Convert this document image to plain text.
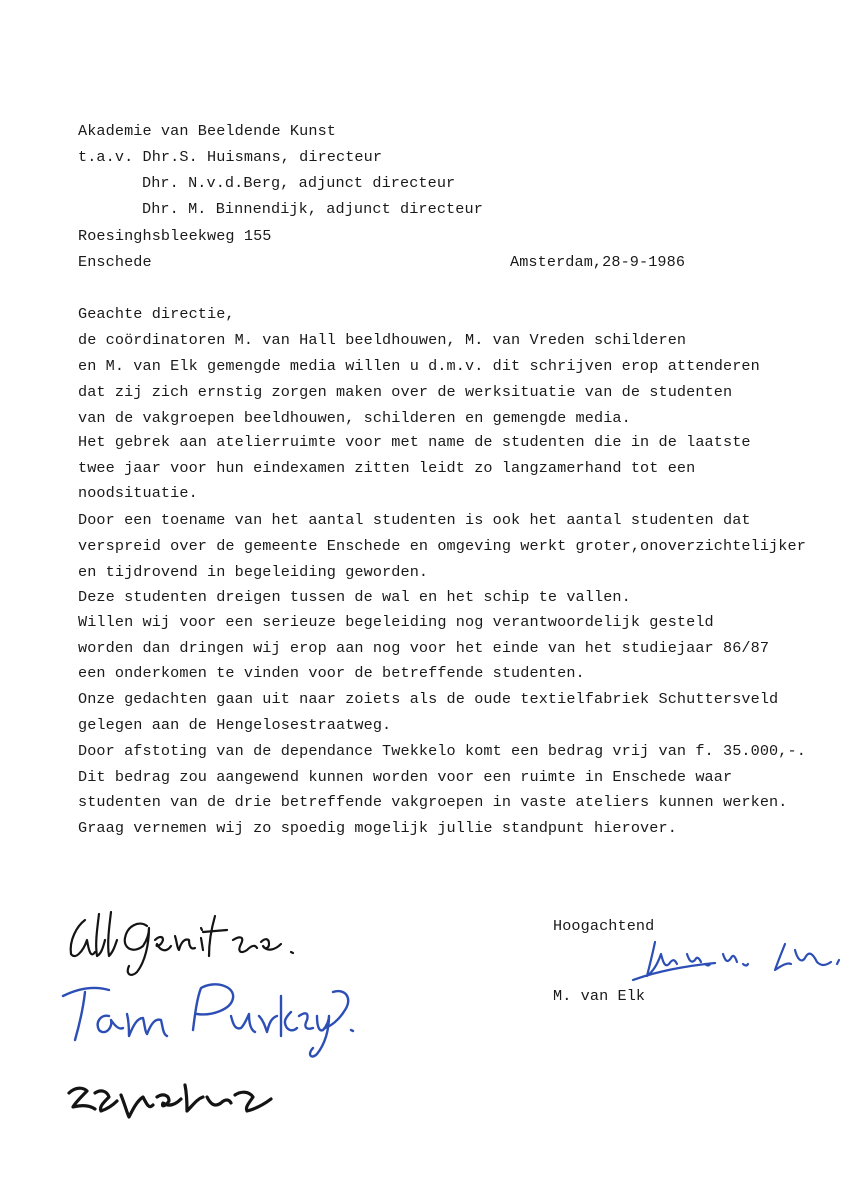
Akademie van Beeldende Kunst
t.a.v. Dhr.S. Huismans, directeur
Dhr. N.v.d.Berg, adjunct directeur
Dhr. M. Binnendijk, adjunct directeur
Roesinghsbleekweg 155
Enschede	Amsterdam,28-9-1986
Geachte directie,
de coördinatoren M. van Hall beeldhouwen, M. van Vreden schilderen
en M. van Elk gemengde media willen u d.m.v. dit schrijven erop attenderen
dat zij zich ernstig zorgen maken over de werksituatie van de studenten
van de vakgroepen beeldhouwen, schilderen en gemengde media.
Het gebrek aan atelierruimte voor met name de studenten die in de laatste
twee jaar voor hun eindexamen zitten leidt zo langzamerhand tot een
noodsituatie.
Door een toename van het aantal studenten is ook het aantal studenten dat
verspreid over de gemeente Enschede en omgeving werkt groter,onoverzichtelijker
en tijdrovend in begeleiding geworden.
Deze studenten dreigen tussen de wal en het schip te vallen.
Willen wij voor een serieuze begeleiding nog verantwoordelijk gesteld
worden dan dringen wij erop aan nog voor het einde van het studiejaar 86/87
een onderkomen te vinden voor de betreffende studenten.
Onze gedachten gaan uit naar zoiets als de oude textielfabriek Schuttersveld
gelegen aan de Hengelosestraatweg.
Door afstoting van de dependance Twekkelo komt een bedrag vrij van f. 35.000,-.
Dit bedrag zou aangewend kunnen worden voor een ruimte in Enschede waar
studenten van de drie betreffende vakgroepen in vaste ateliers kunnen werken.
Graag vernemen wij zo spoedig mogelijk jullie standpunt hierover.
Hoogachtend
M. van Elk
